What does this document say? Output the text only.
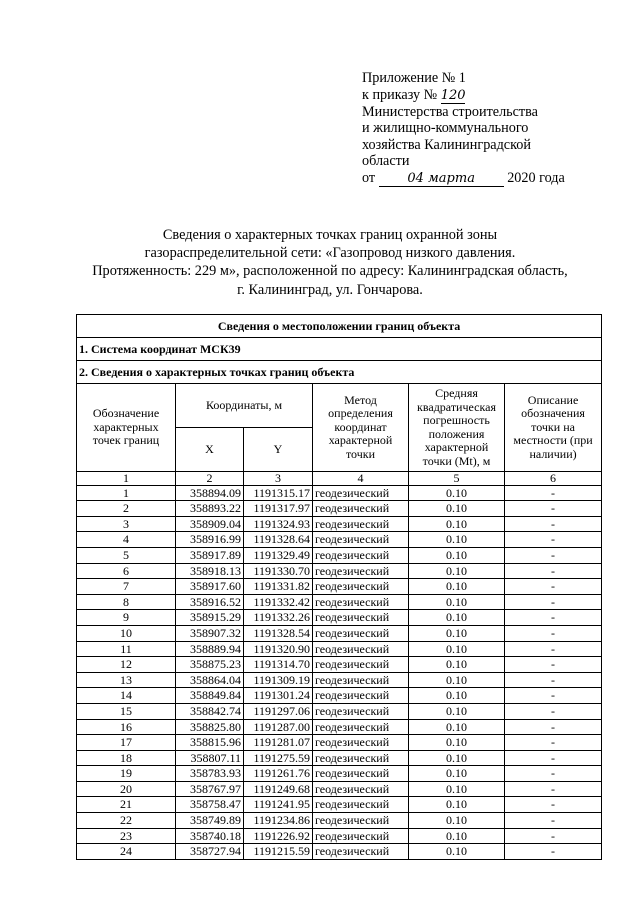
Приложение № 1
к приказу № 120
Министерства строительства
и жилищно-коммунального
хозяйства Калининградской
области
от 04 марта 2020 года
Сведения о характерных точках границ охранной зоны
газораспределительной сети: «Газопровод низкого давления.
Протяженность: 229 м», расположенной по адресу: Калининградская область,
г. Калининград, ул. Гончарова.
Сведения о местоположении границ объекта					
1. Система координат МСК39					
2. Сведения о характерных точках границ объекта					
Обозначение характерных точек границ	Координаты, м		Метод определения координат характерной точки	Средняя квадратическая погрешность положения характерной точки (Mt), м	Описание обозначения точки на местности (при наличии)
	X	Y			
1	2	3	4	5	6
1	358894.09	1191315.17	геодезический	0.10	-
2	358893.22	1191317.97	геодезический	0.10	-
3	358909.04	1191324.93	геодезический	0.10	-
4	358916.99	1191328.64	геодезический	0.10	-
5	358917.89	1191329.49	геодезический	0.10	-
6	358918.13	1191330.70	геодезический	0.10	-
7	358917.60	1191331.82	геодезический	0.10	-
8	358916.52	1191332.42	геодезический	0.10	-
9	358915.29	1191332.26	геодезический	0.10	-
10	358907.32	1191328.54	геодезический	0.10	-
11	358889.94	1191320.90	геодезический	0.10	-
12	358875.23	1191314.70	геодезический	0.10	-
13	358864.04	1191309.19	геодезический	0.10	-
14	358849.84	1191301.24	геодезический	0.10	-
15	358842.74	1191297.06	геодезический	0.10	-
16	358825.80	1191287.00	геодезический	0.10	-
17	358815.96	1191281.07	геодезический	0.10	-
18	358807.11	1191275.59	геодезический	0.10	-
19	358783.93	1191261.76	геодезический	0.10	-
20	358767.97	1191249.68	геодезический	0.10	-
21	358758.47	1191241.95	геодезический	0.10	-
22	358749.89	1191234.86	геодезический	0.10	-
23	358740.18	1191226.92	геодезический	0.10	-
24	358727.94	1191215.59	геодезический	0.10	-
